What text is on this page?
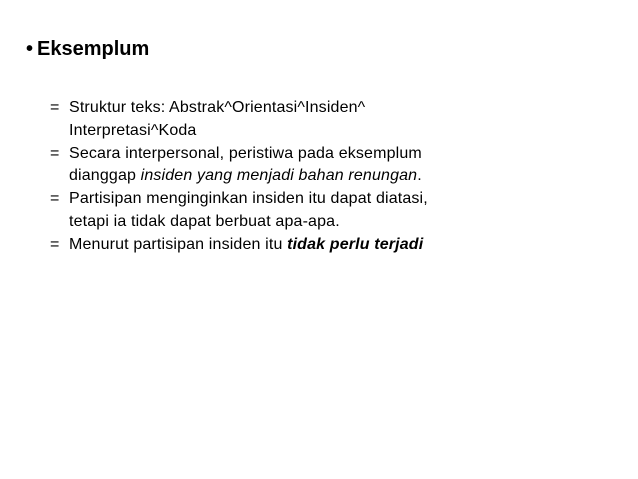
• Eksemplum
= Struktur teks: Abstrak^Orientasi^Insiden^
Interpretasi^Koda
= Secara interpersonal, peristiwa pada eksemplum
dianggap insiden yang menjadi bahan renungan.
= Partisipan menginginkan insiden itu dapat diatasi,
tetapi ia tidak dapat berbuat apa-apa.
= Menurut partisipan insiden itu tidak perlu terjadi
